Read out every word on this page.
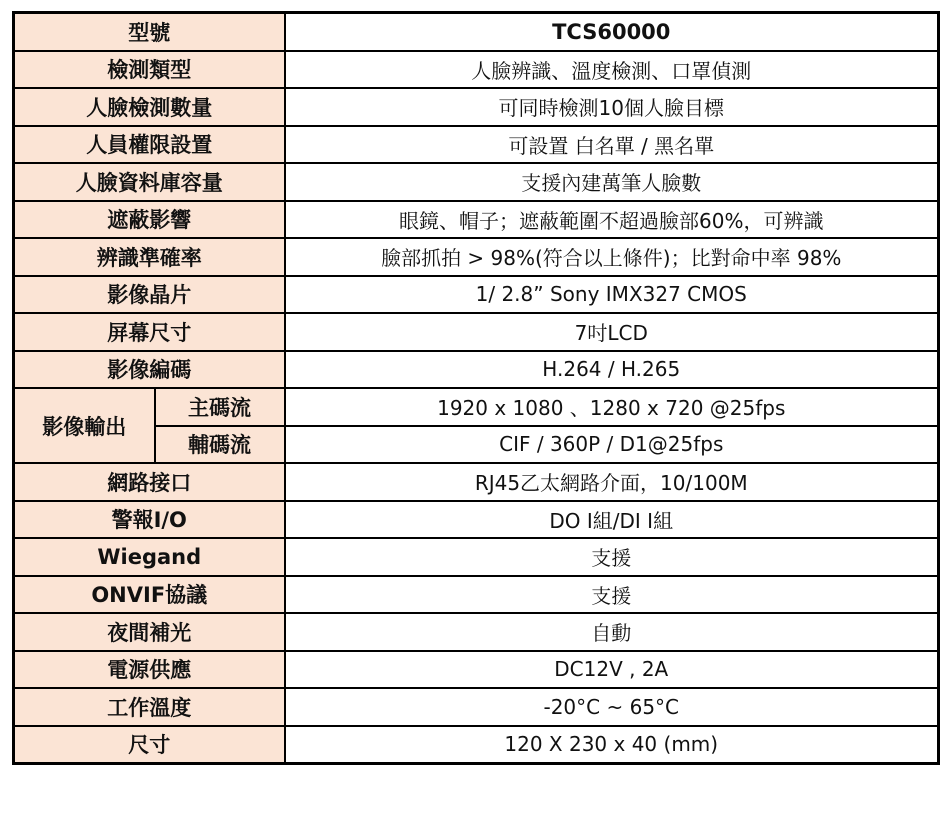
型號		TCS60000
檢測類型		人臉辨識、溫度檢測、口罩偵測
人臉檢測數量		可同時檢測10個人臉目標
人員權限設置		可設置 白名單 / 黑名單
人臉資料庫容量		支援內建萬筆人臉數
遮蔽影響		眼鏡、帽子；遮蔽範圍不超過臉部60%，可辨識
辨識準確率		臉部抓拍 > 98%(符合以上條件)；比對命中率 98%
影像晶片		1/ 2.8” Sony IMX327 CMOS
屏幕尺寸		7吋LCD
影像編碼		H.264 / H.265
影像輸出	主碼流	1920 x 1080 、1280 x 720 @25fps
	輔碼流	CIF / 360P / D1@25fps
網路接口		RJ45乙太網路介面，10/100M
警報I/O		DO I組/DI I組
Wiegand		支援
ONVIF協議		支援
夜間補光		自動
電源供應		DC12V , 2A
工作溫度		-20°C ~ 65°C
尺寸		120 X 230 x 40 (mm)
